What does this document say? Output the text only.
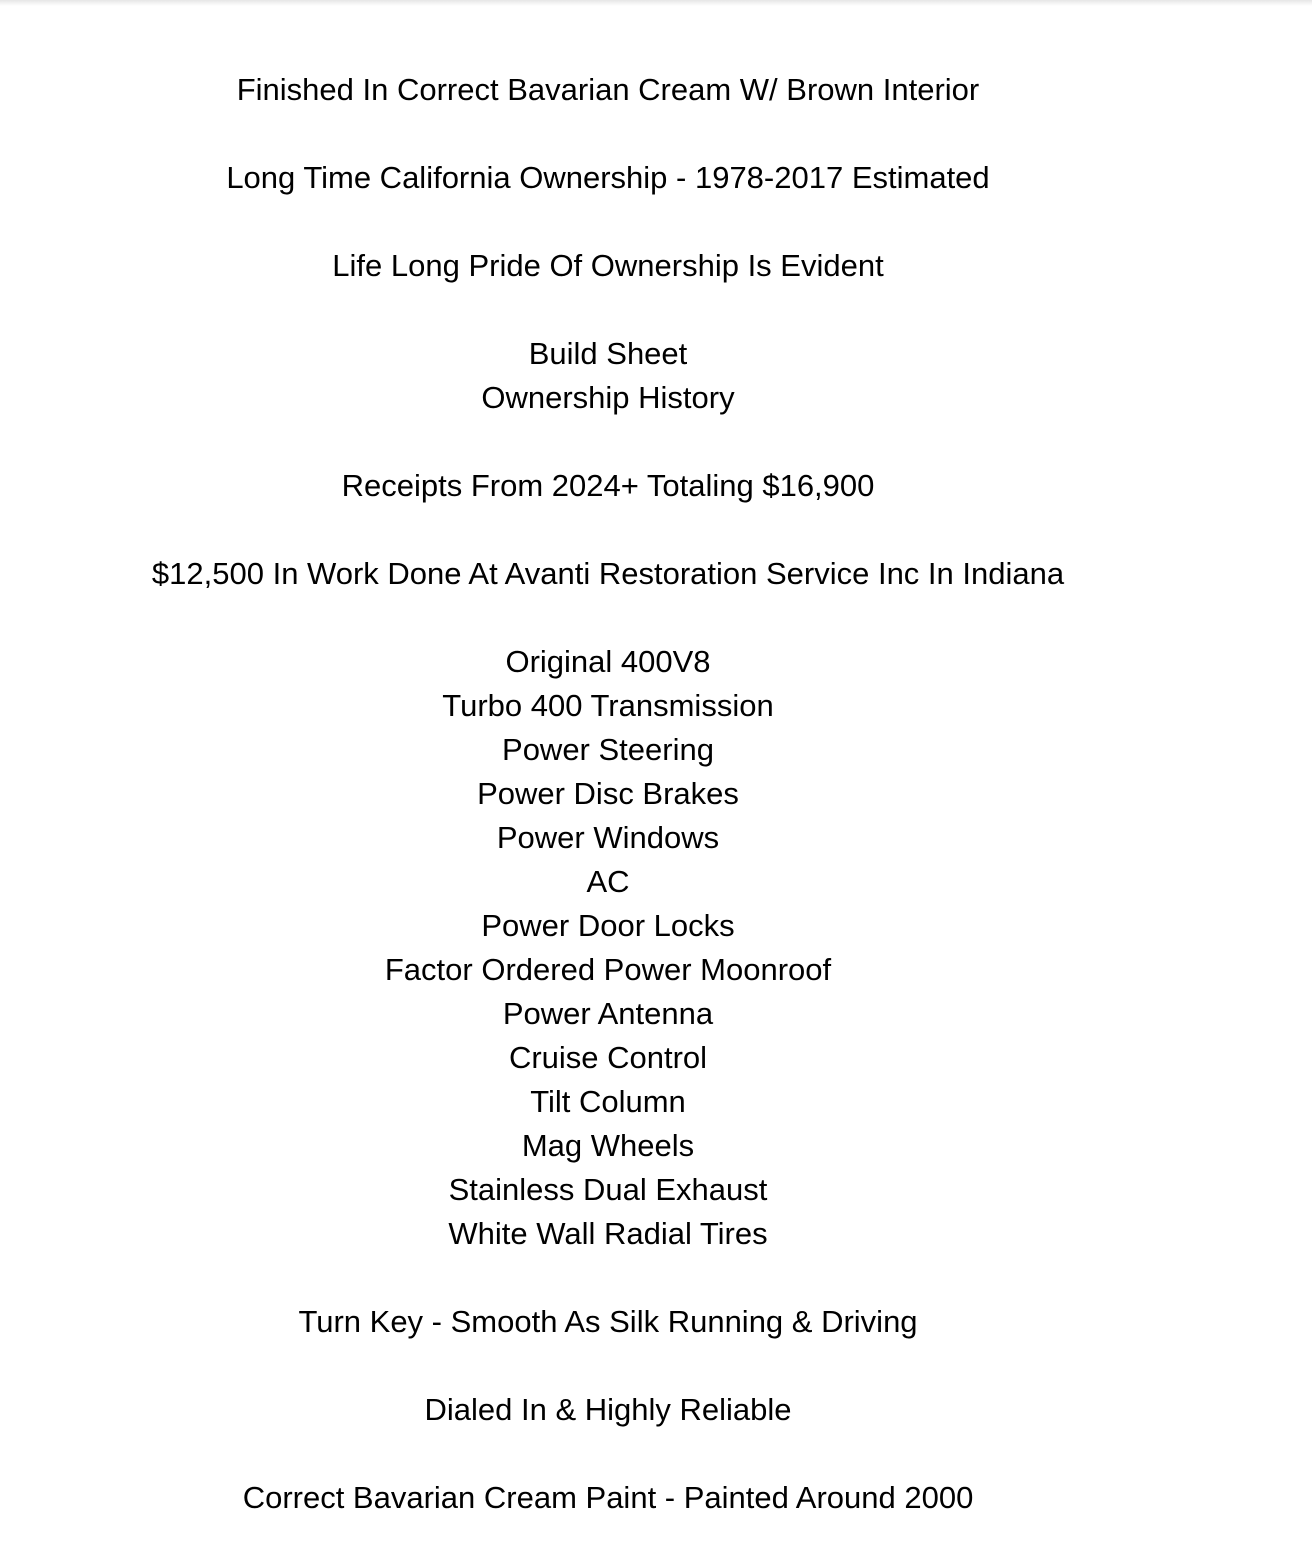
Finished In Correct Bavarian Cream W/ Brown Interior
Long Time California Ownership - 1978-2017 Estimated
Life Long Pride Of Ownership Is Evident
Build Sheet
Ownership History
Receipts From 2024+ Totaling $16,900
$12,500 In Work Done At Avanti Restoration Service Inc In Indiana
Original 400V8
Turbo 400 Transmission
Power Steering
Power Disc Brakes
Power Windows
AC
Power Door Locks
Factor Ordered Power Moonroof
Power Antenna
Cruise Control
Tilt Column
Mag Wheels
Stainless Dual Exhaust
White Wall Radial Tires
Turn Key - Smooth As Silk Running & Driving
Dialed In & Highly Reliable
Correct Bavarian Cream Paint - Painted Around 2000
